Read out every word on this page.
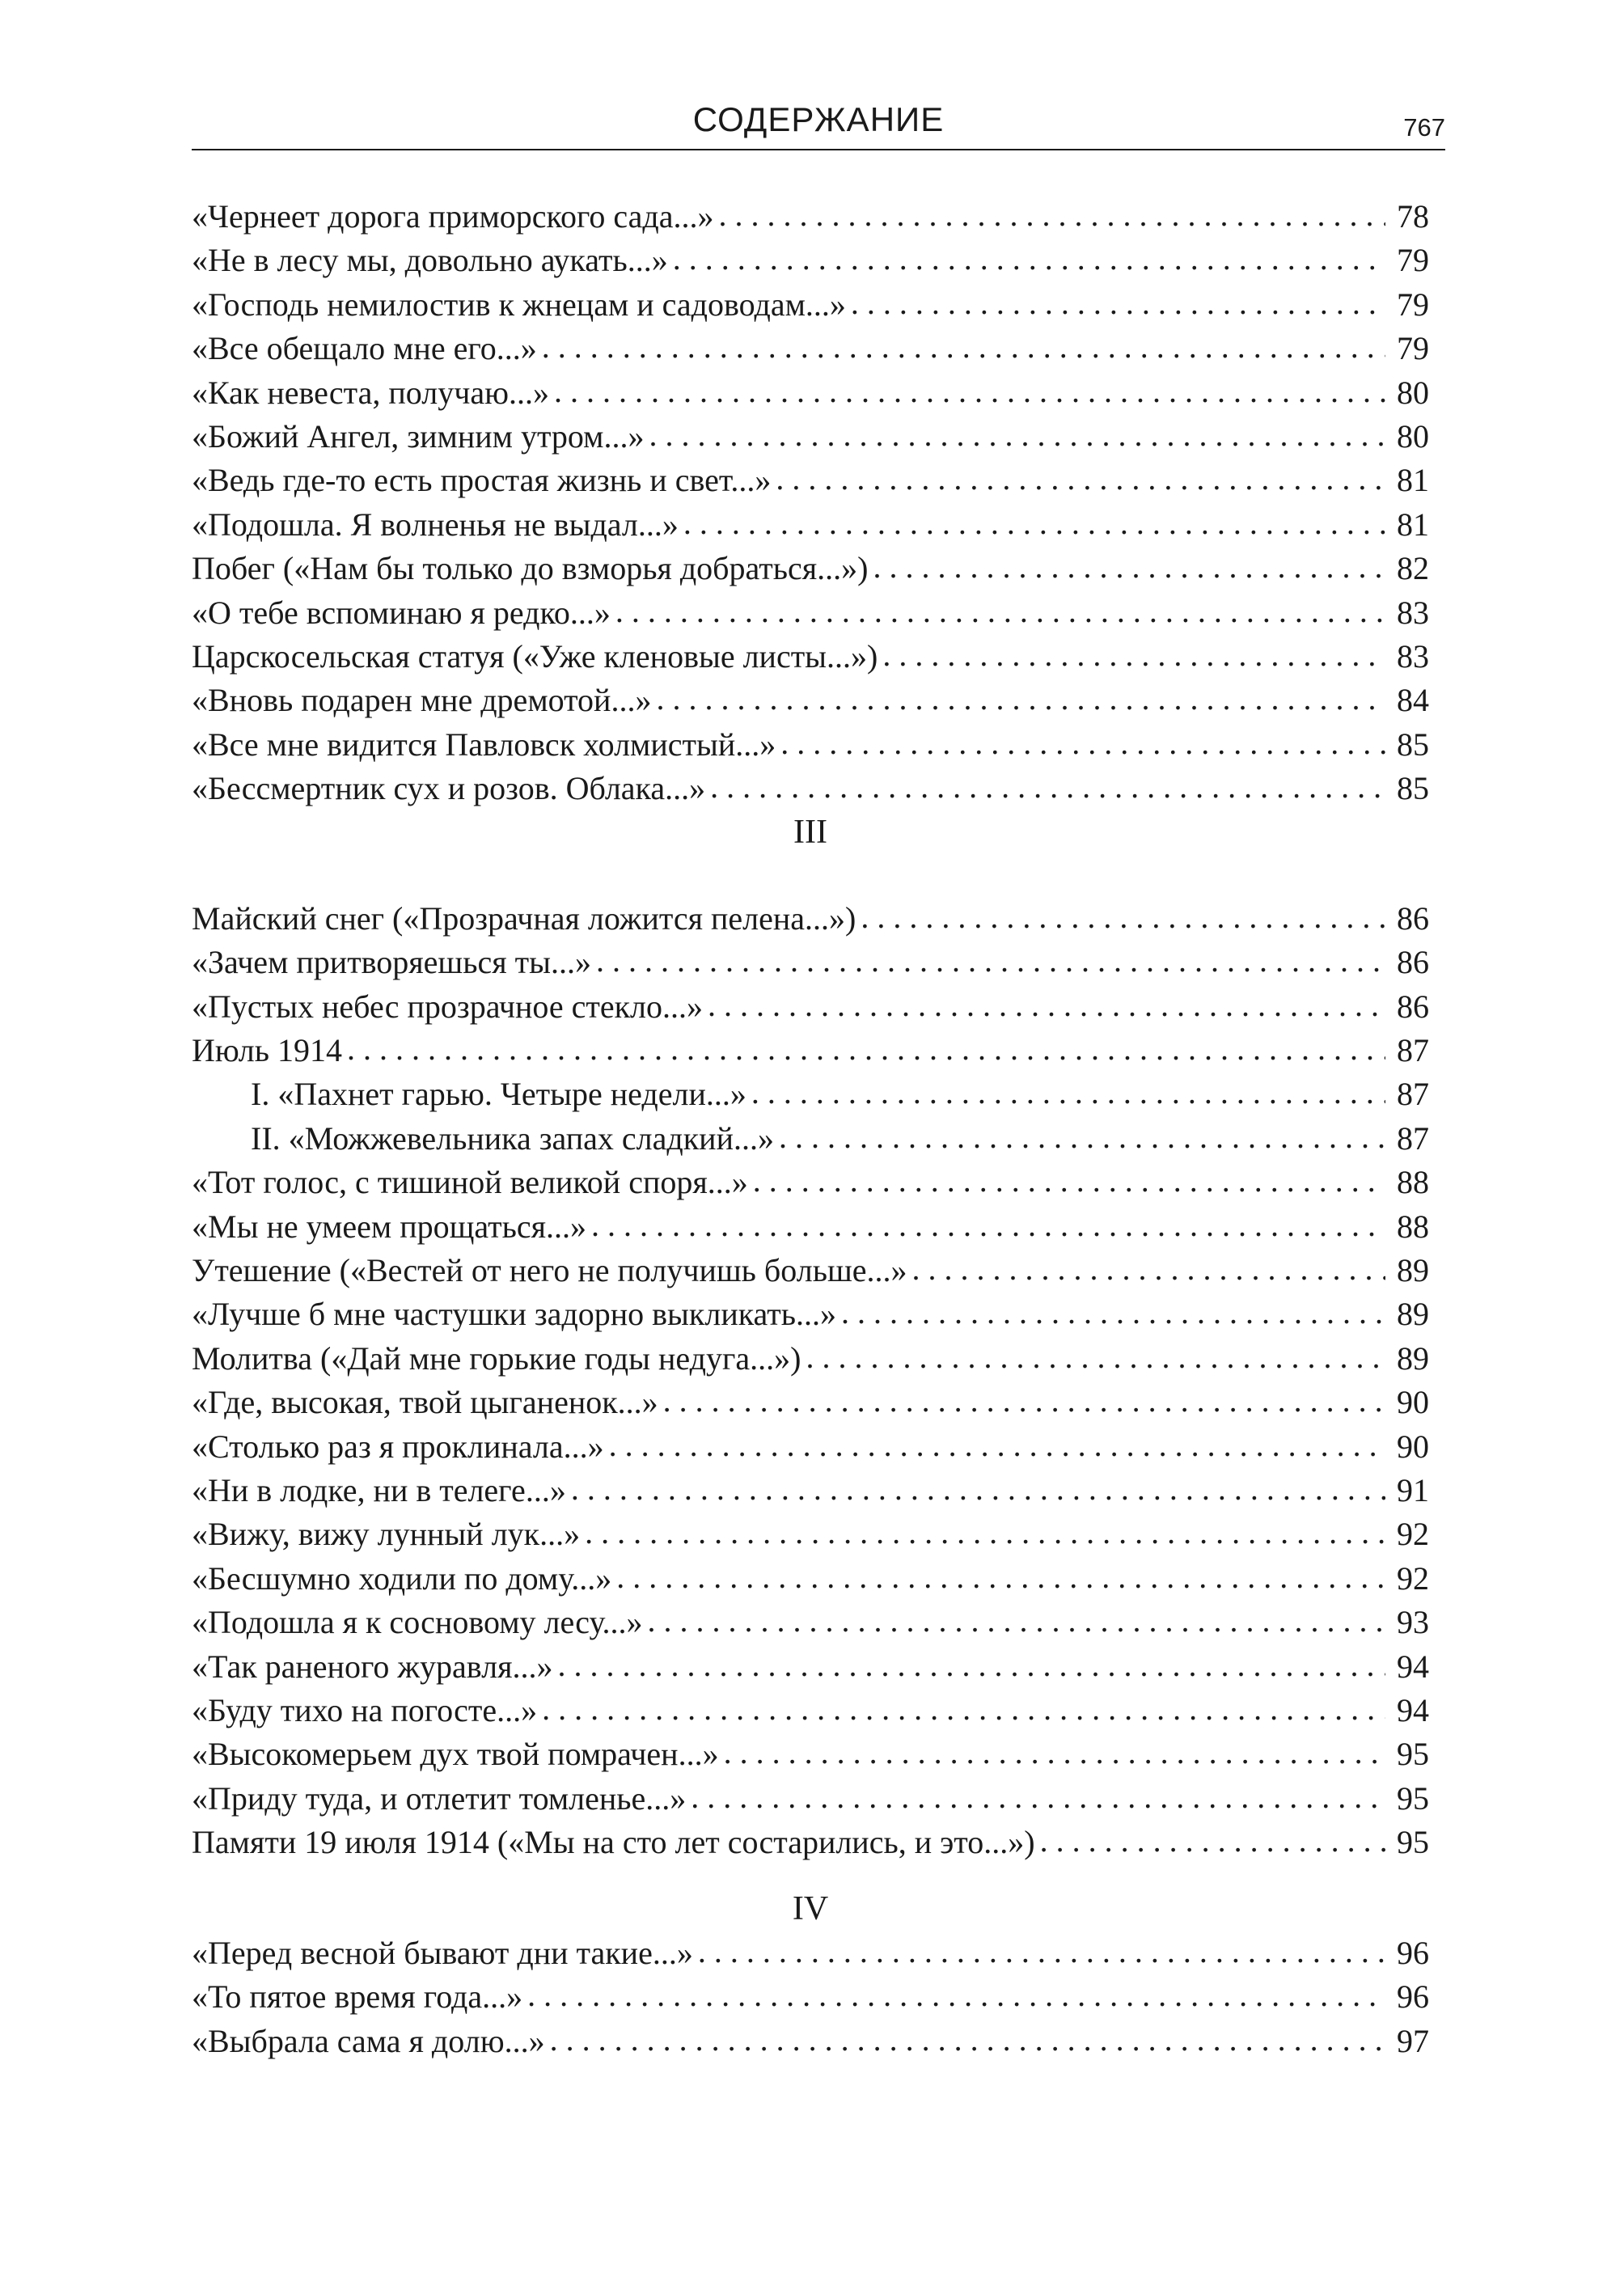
СОДЕРЖАНИЕ	767
«Чернеет дорога приморского сада...» . . .	78
«Не в лесу мы, довольно аукать...» . . .	79
«Господь немилостив к жнецам и садоводам...» . . .	79
«Все обещало мне его...» . . .	79
«Как невеста, получаю...» . . .	80
«Божий Ангел, зимним утром...» . . .	80
«Ведь где-то есть простая жизнь и свет...» . . .	81
«Подошла. Я волненья не выдал...» . . .	81
Побег («Нам бы только до взморья добраться...») . . .	82
«О тебе вспоминаю я редко...» . . .	83
Царскосельская статуя («Уже кленовые листы...») . . .	83
«Вновь подарен мне дремотой...» . . .	84
«Все мне видится Павловск холмистый...» . . .	85
«Бессмертник сух и розов. Облака...» . . .	85
III
Майский снег («Прозрачная ложится пелена...») . . .	86
«Зачем притворяешься ты...» . . .	86
«Пустых небес прозрачное стекло...» . . .	86
Июль 1914 . . .	87
I. «Пахнет гарью. Четыре недели...» . . .	87
II. «Можжевельника запах сладкий...» . . .	87
«Тот голос, с тишиной великой споря...» . . .	88
«Мы не умеем прощаться...» . . .	88
Утешение («Вестей от него не получишь больше...» . . .	89
«Лучше б мне частушки задорно выкликать...» . . .	89
Молитва («Дай мне горькие годы недуга...») . . .	89
«Где, высокая, твой цыганенок...» . . .	90
«Столько раз я проклинала...» . . .	90
«Ни в лодке, ни в телеге...» . . .	91
«Вижу, вижу лунный лук...» . . .	92
«Бесшумно ходили по дому...» . . .	92
«Подошла я к сосновому лесу...» . . .	93
«Так раненого журавля...» . . .	94
«Буду тихо на погосте...» . . .	94
«Высокомерьем дух твой помрачен...» . . .	95
«Приду туда, и отлетит томленье...» . . .	95
Памяти 19 июля 1914 («Мы на сто лет состарились, и это...») . . .	95
IV
«Перед весной бывают дни такие...» . . .	96
«То пятое время года...» . . .	96
«Выбрала сама я долю...» . . .	97
